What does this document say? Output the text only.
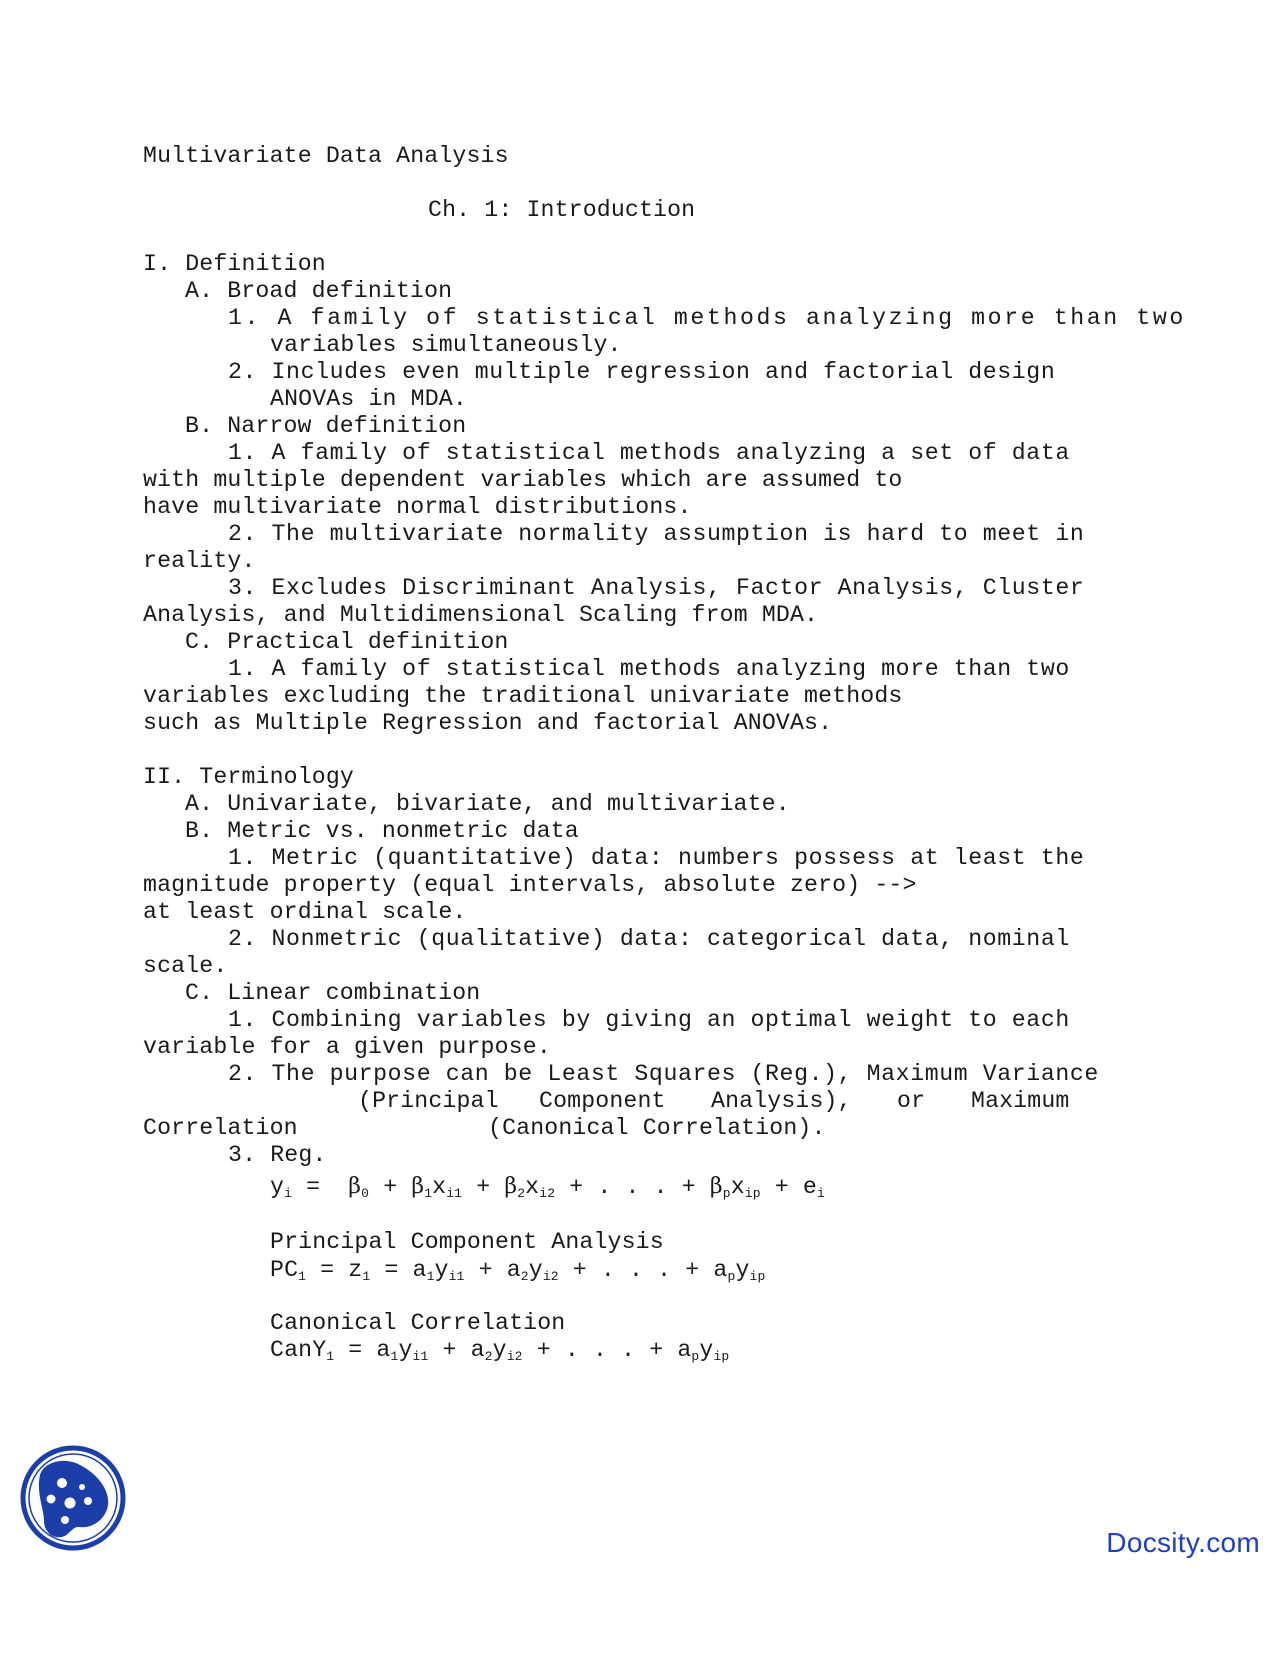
Multivariate Data Analysis
Ch. 1: Introduction
I. Definition
A. Broad definition
1. A family of statistical methods analyzing more than two
variables simultaneously.
2. Includes even multiple regression and factorial design
ANOVAs in MDA.
B. Narrow definition
1. A family of statistical methods analyzing a set of data
with multiple dependent variables which are assumed to
have multivariate normal distributions.
2. The multivariate normality assumption is hard to meet in
reality.
3. Excludes Discriminant Analysis, Factor Analysis, Cluster
Analysis, and Multidimensional Scaling from MDA.
C. Practical definition
1. A family of statistical methods analyzing more than two
variables excluding the traditional univariate methods
such as Multiple Regression and factorial ANOVAs.
II. Terminology
A. Univariate, bivariate, and multivariate.
B. Metric vs. nonmetric data
1. Metric (quantitative) data: numbers possess at least the
magnitude property (equal intervals, absolute zero) -->
at least ordinal scale.
2. Nonmetric (qualitative) data: categorical data, nominal
scale.
C. Linear combination
1. Combining variables by giving an optimal weight to each
variable for a given purpose.
2. The purpose can be Least Squares (Reg.), Maximum Variance
(Principal Component Analysis), or Maximum
Correlation	(Canonical Correlation).
3. Reg.
$y_i = \beta_0 + \beta_1x_{i1} + \beta_2x_{i2}$ + . . . + $\beta_px_{ip} + e_i$
Principal Component Analysis
$PC_1 = z_1 = a_1y_{i1} + a_2y_{i2}$ + . . . + $a_py_{ip}$
Canonical Correlation
CanY$_1$ = $a_1y_{i1} + a_2y_{i2}$ + . . . + $a_py_{ip}$
Docsity.com
